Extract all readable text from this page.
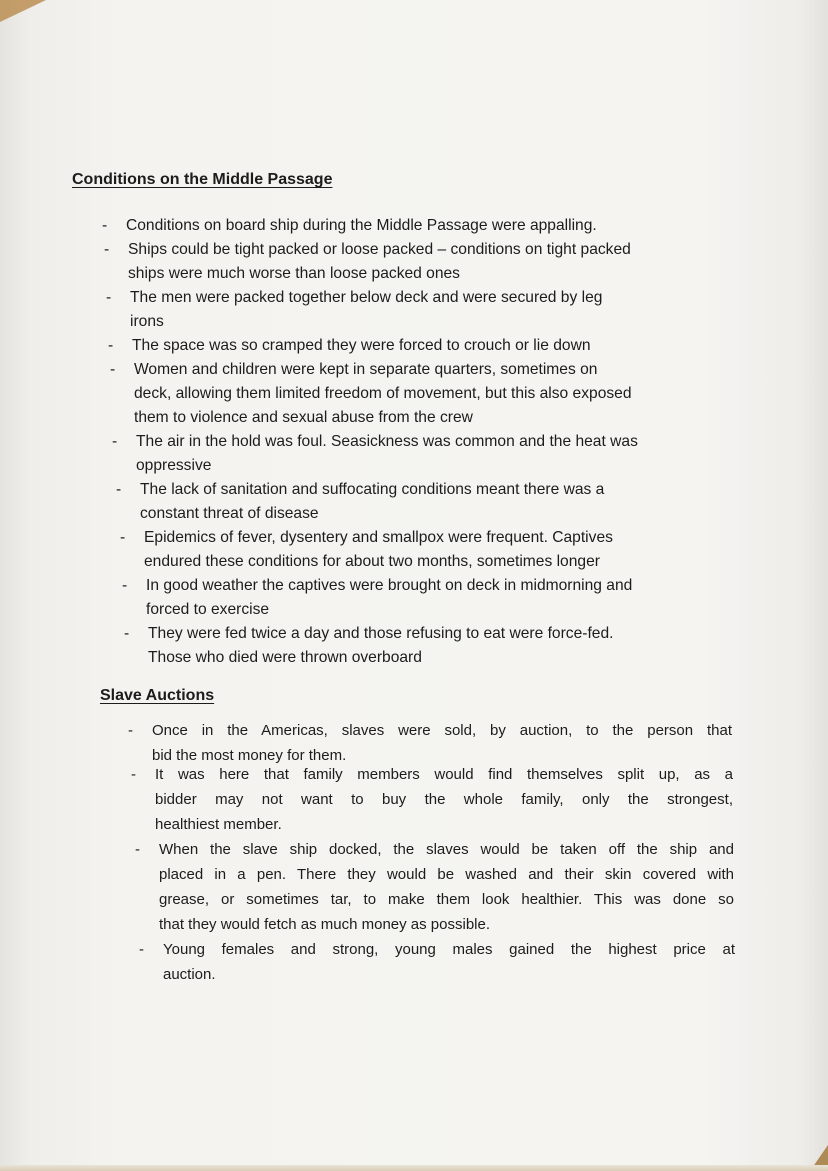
Conditions on the Middle Passage
- Conditions on board ship during the Middle Passage were appalling.
- Ships could be tight packed or loose packed – conditions on tight packed
ships were much worse than loose packed ones
- The men were packed together below deck and were secured by leg
irons
- The space was so cramped they were forced to crouch or lie down
- Women and children were kept in separate quarters, sometimes on
deck, allowing them limited freedom of movement, but this also exposed
them to violence and sexual abuse from the crew
- The air in the hold was foul. Seasickness was common and the heat was
oppressive
- The lack of sanitation and suffocating conditions meant there was a
constant threat of disease
- Epidemics of fever, dysentery and smallpox were frequent. Captives
endured these conditions for about two months, sometimes longer
- In good weather the captives were brought on deck in midmorning and
forced to exercise
- They were fed twice a day and those refusing to eat were force-fed.
Those who died were thrown overboard
Slave Auctions
- Once in the Americas, slaves were sold, by auction, to the person that
bid the most money for them.
- It was here that family members would find themselves split up, as a
bidder may not want to buy the whole family, only the strongest,
healthiest member.
- When the slave ship docked, the slaves would be taken off the ship and
placed in a pen. There they would be washed and their skin covered with
grease, or sometimes tar, to make them look healthier. This was done so
that they would fetch as much money as possible.
- Young females and strong, young males gained the highest price at
auction.
